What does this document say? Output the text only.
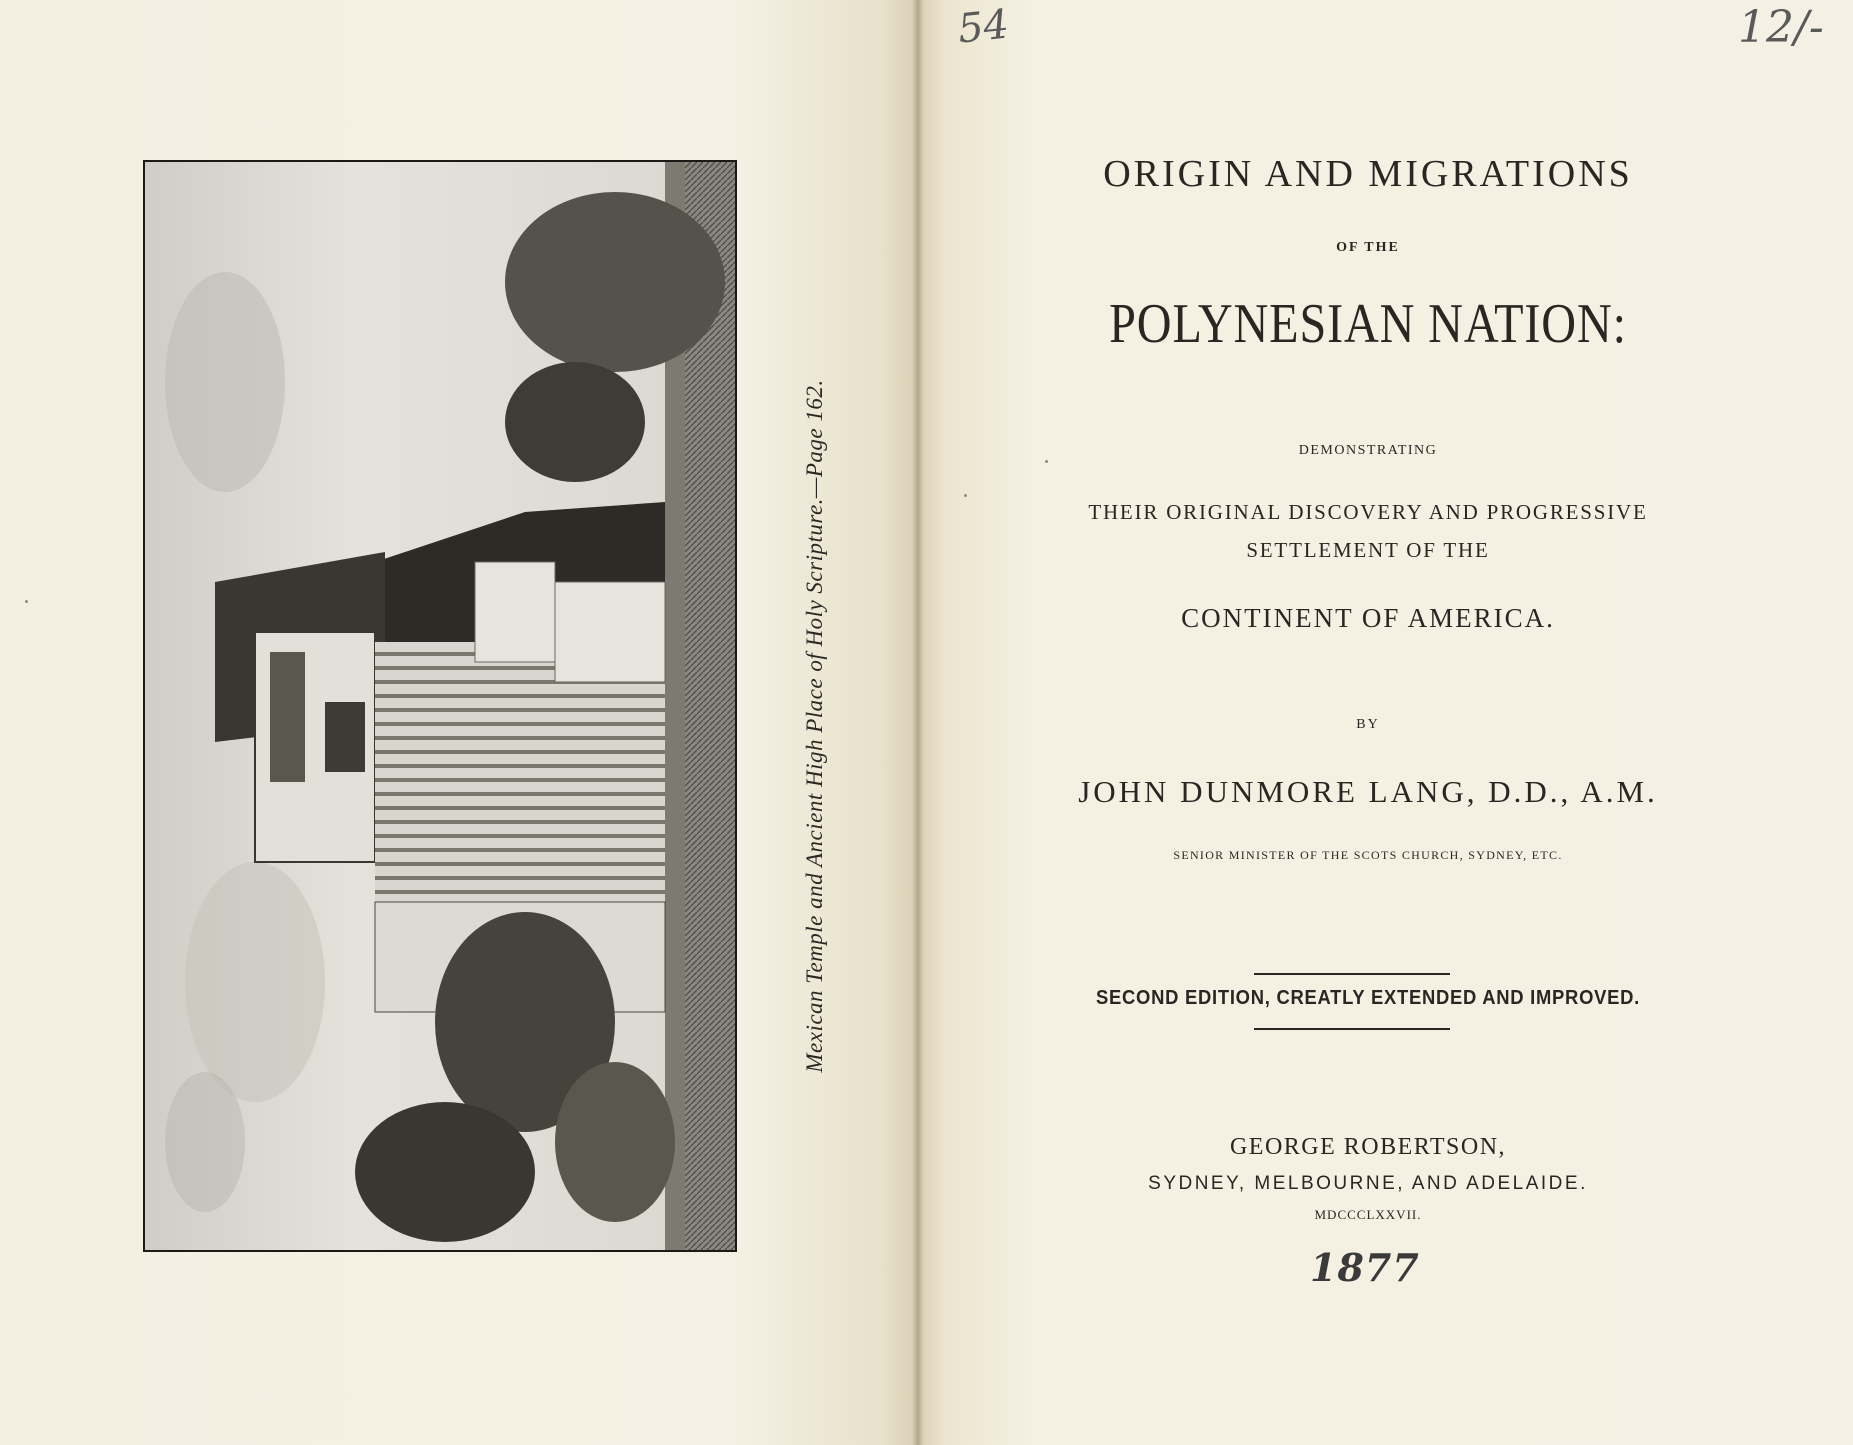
Mexican Temple and Ancient High Place of Holy Scripture.—Page 162.
ORIGIN AND MIGRATIONS
OF THE
POLYNESIAN NATION:
DEMONSTRATING
THEIR ORIGINAL DISCOVERY AND PROGRESSIVE
SETTLEMENT OF THE
CONTINENT OF AMERICA.
BY
JOHN DUNMORE LANG, D.D., A.M.
SENIOR MINISTER OF THE SCOTS CHURCH, SYDNEY, ETC.
SECOND EDITION, CREATLY EXTENDED AND IMPROVED.
GEORGE ROBERTSON,
SYDNEY, MELBOURNE, AND ADELAIDE.
MDCCCLXXVII.
1877
54	12/-
